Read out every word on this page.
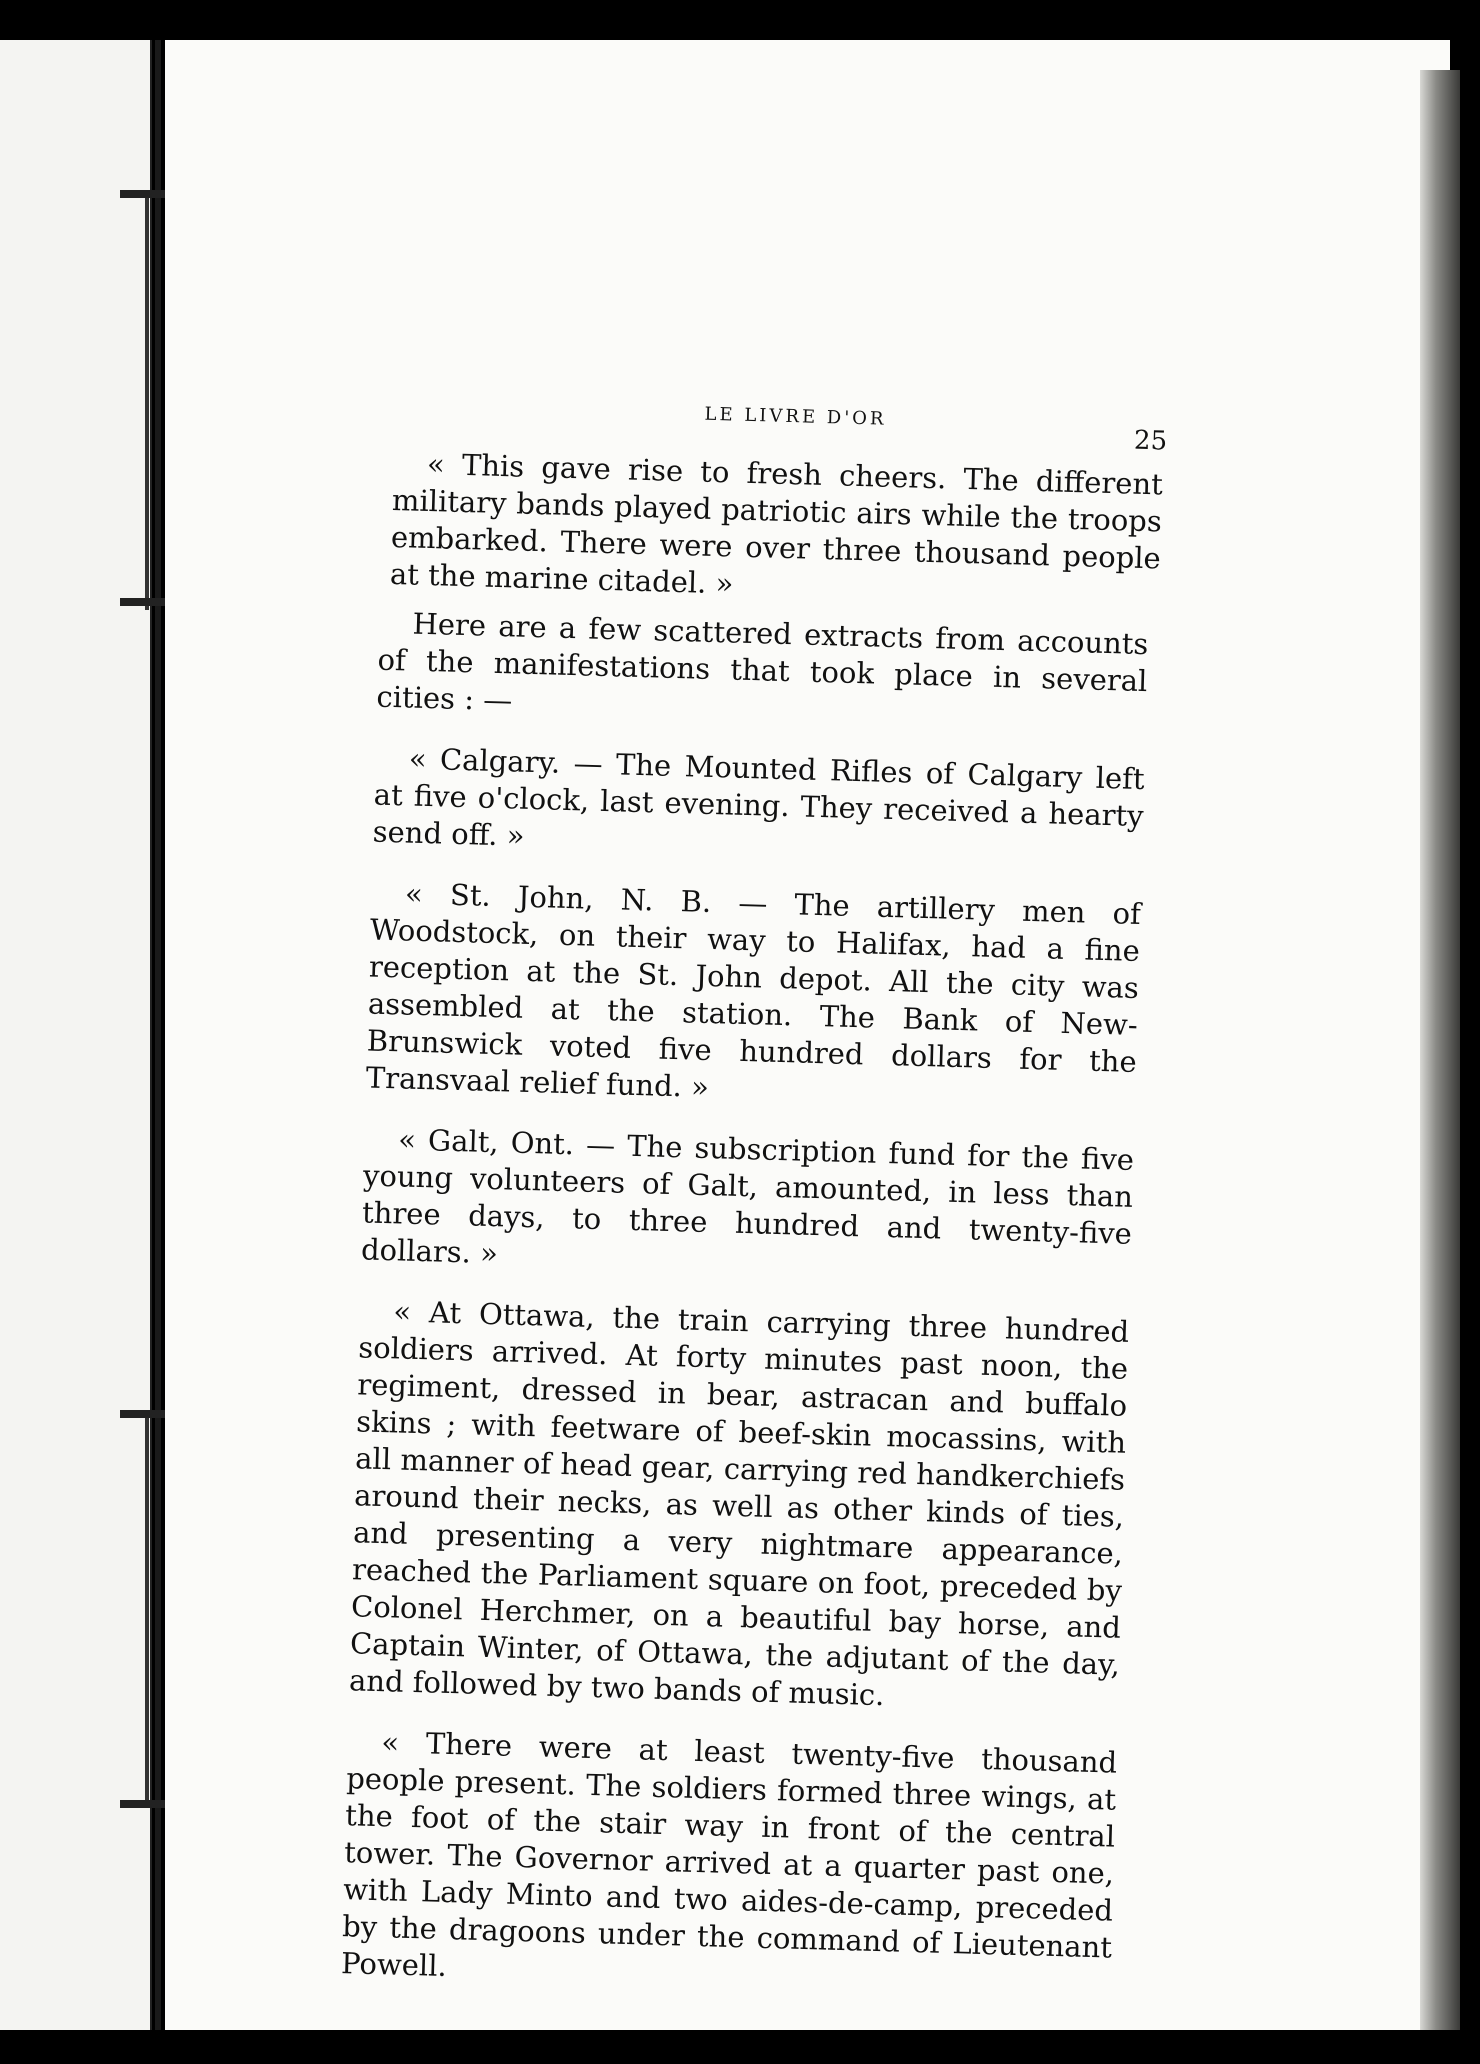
LE LIVRE D'OR
25

« This gave rise to fresh cheers. The different military bands played patriotic airs while the troops embarked. There were over three thousand people at the marine citadel. »

Here are a few scattered extracts from accounts of the manifestations that took place in several cities : —

« Calgary. — The Mounted Rifles of Calgary left at five o'clock, last evening. They received a hearty send off. »

« St. John, N. B. — The artillery men of Woodstock, on their way to Halifax, had a fine reception at the St. John depot. All the city was assembled at the station. The Bank of New-Brunswick voted five hundred dollars for the Transvaal relief fund. »

« Galt, Ont. — The subscription fund for the five young volunteers of Galt, amounted, in less than three days, to three hundred and twenty-five dollars. »

« At Ottawa, the train carrying three hundred soldiers arrived. At forty minutes past noon, the regiment, dressed in bear, astracan and buffalo skins ; with feetware of beef-skin mocassins, with all manner of head gear, carrying red handkerchiefs around their necks, as well as other kinds of ties, and presenting a very nightmare appearance, reached the Parliament square on foot, preceded by Colonel Herchmer, on a beautiful bay horse, and Captain Winter, of Ottawa, the adjutant of the day, and followed by two bands of music.

« There were at least twenty-five thousand people present. The soldiers formed three wings, at the foot of the stair way in front of the central tower. The Governor arrived at a quarter past one, with Lady Minto and two aides-de-camp, preceded by the dragoons under the command of Lieutenant Powell.
